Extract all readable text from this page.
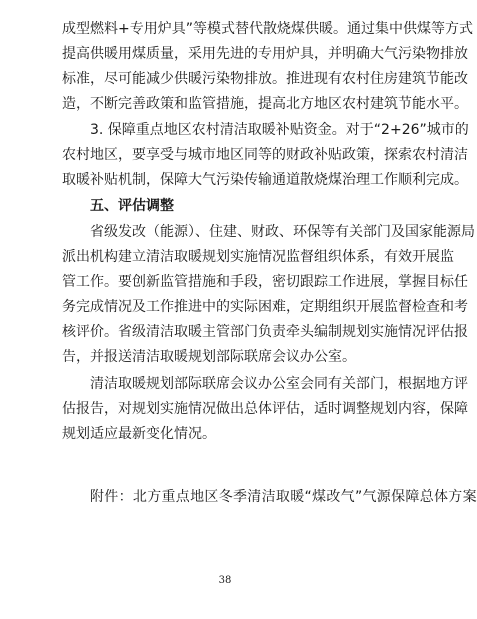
成型燃料+专用炉具”等模式替代散烧煤供暖。通过集中供煤等方式
提高供暖用煤质量，采用先进的专用炉具，并明确大气污染物排放
标准，尽可能减少供暖污染物排放。推进现有农村住房建筑节能改
造，不断完善政策和监管措施，提高北方地区农村建筑节能水平。
3. 保障重点地区农村清洁取暖补贴资金。对于“2+26”城市的
农村地区，要享受与城市地区同等的财政补贴政策，探索农村清洁
取暖补贴机制，保障大气污染传输通道散烧煤治理工作顺利完成。
五、评估调整
省级发改（能源）、住建、财政、环保等有关部门及国家能源局
派出机构建立清洁取暖规划实施情况监督组织体系，有效开展监
管工作。要创新监管措施和手段，密切跟踪工作进展，掌握目标任
务完成情况及工作推进中的实际困难，定期组织开展监督检查和考
核评价。省级清洁取暖主管部门负责牵头编制规划实施情况评估报
告，并报送清洁取暖规划部际联席会议办公室。
清洁取暖规划部际联席会议办公室会同有关部门，根据地方评
估报告，对规划实施情况做出总体评估，适时调整规划内容，保障
规划适应最新变化情况。
附件：北方重点地区冬季清洁取暖“煤改气”气源保障总体方案
38
